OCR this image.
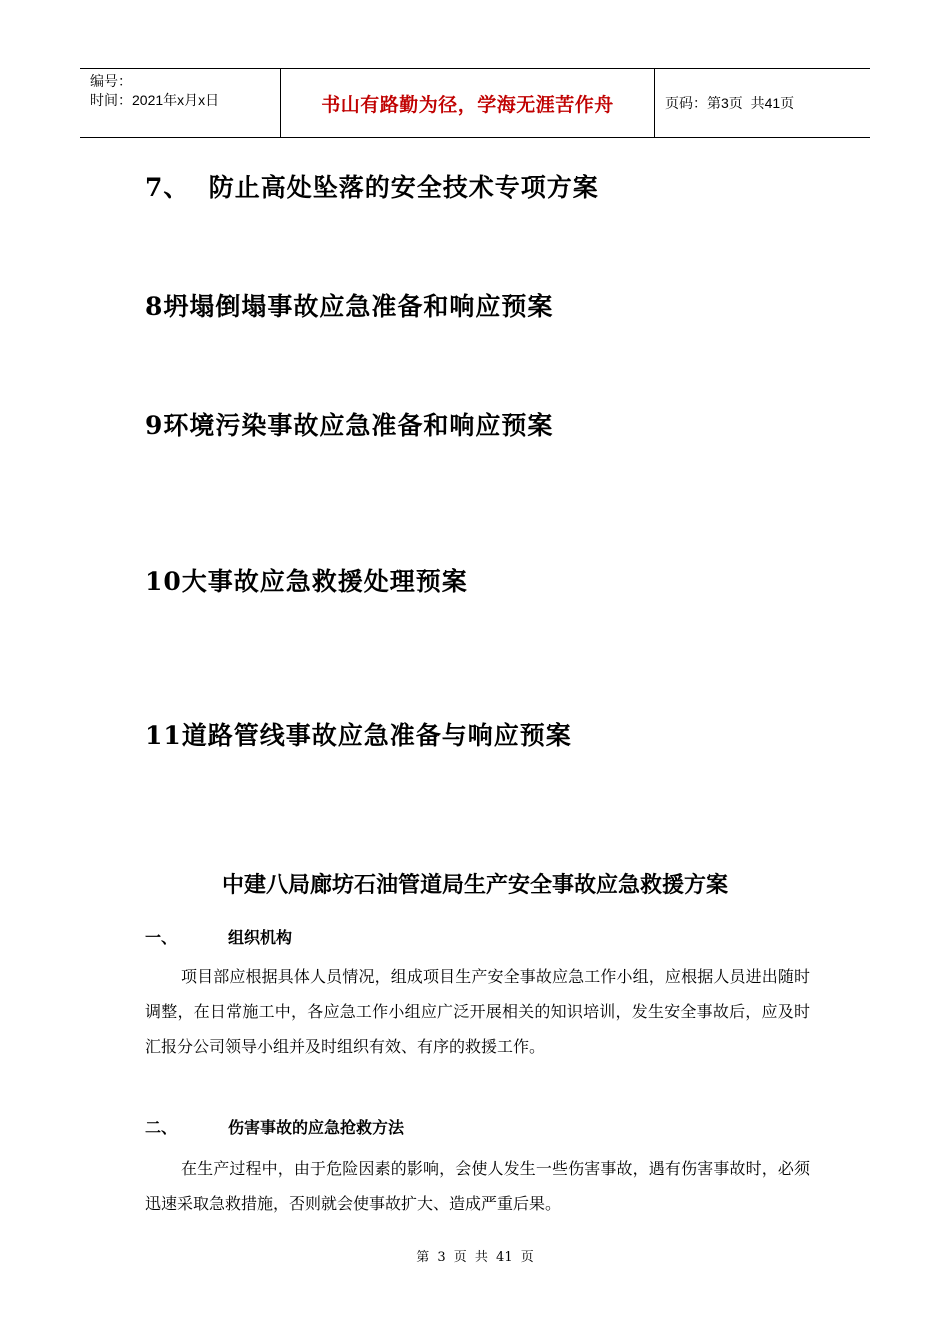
编号：
时间：2021年x月x日	书山有路勤为径，学海无涯苦作舟	页码：第3页  共41页
7、  防止高处坠落的安全技术专项方案
8坍塌倒塌事故应急准备和响应预案
9环境污染事故应急准备和响应预案
10大事故应急救援处理预案
11道路管线事故应急准备与响应预案
中建八局廊坊石油管道局生产安全事故应急救援方案
一、	组织机构
项目部应根据具体人员情况，组成项目生产安全事故应急工作小组，应根据人员进出随时调整，在日常施工中，各应急工作小组应广泛开展相关的知识培训，发生安全事故后，应及时汇报分公司领导小组并及时组织有效、有序的救援工作。
二、	伤害事故的应急抢救方法
在生产过程中，由于危险因素的影响，会使人发生一些伤害事故，遇有伤害事故时，必须迅速采取急救措施，否则就会使事故扩大、造成严重后果。
第 3 页 共 41 页
